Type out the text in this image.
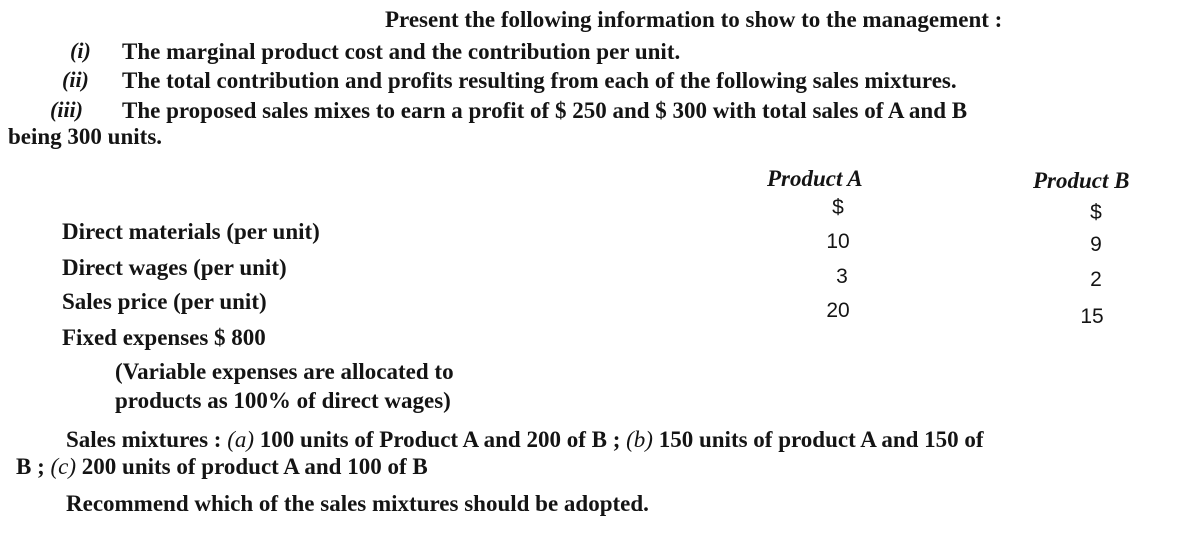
Present the following information to show to the management :
(i) The marginal product cost and the contribution per unit.
(ii) The total contribution and profits resulting from each of the following sales mixtures.
(iii) The proposed sales mixes to earn a profit of $ 250 and $ 300 with total sales of A and B
being 300 units.
Product A	Product B
$	$
Direct materials (per unit)
Direct wages (per unit)
Sales price (per unit)
10
3
20
9
2
15
Fixed expenses $ 800
(Variable expenses are allocated to
products as 100% of direct wages)
Sales mixtures : (a) 100 units of Product A and 200 of B ; (b) 150 units of product A and 150 of
B ; (c) 200 units of product A and 100 of B
Recommend which of the sales mixtures should be adopted.
